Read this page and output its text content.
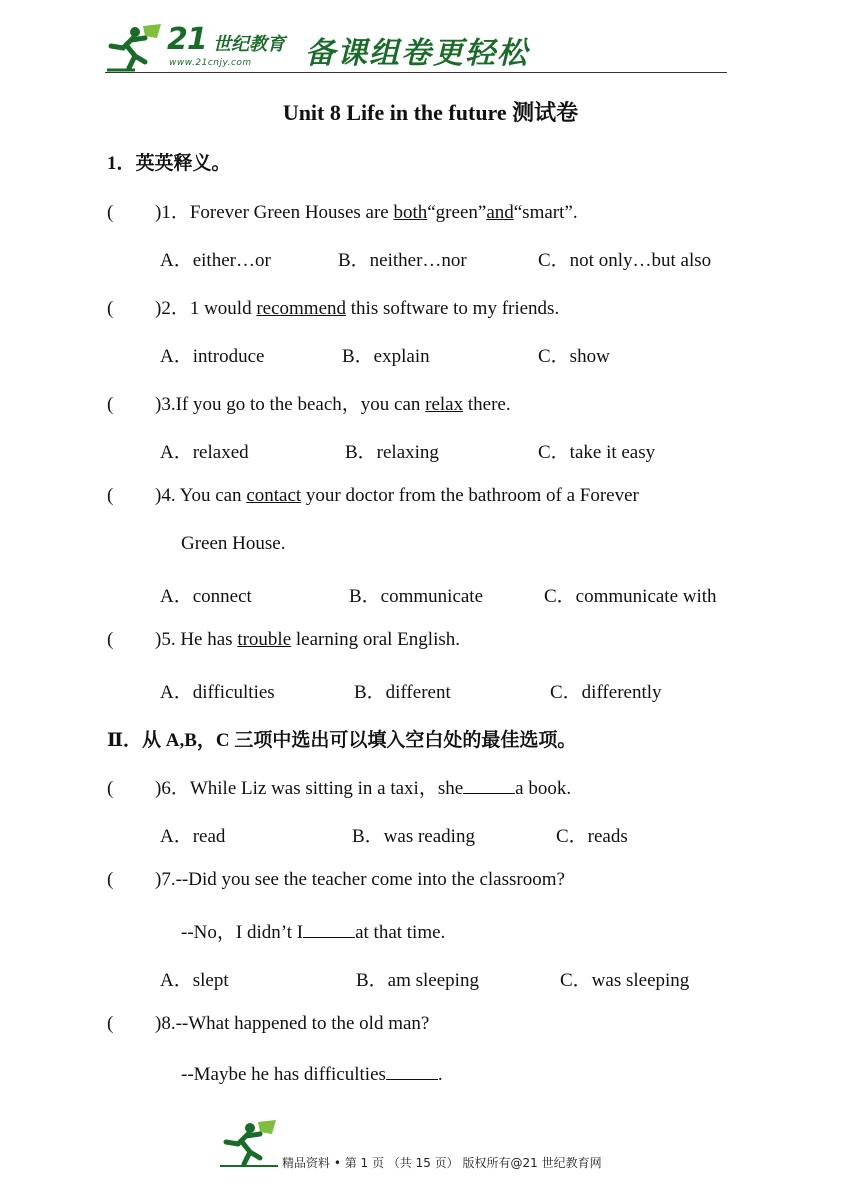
21 世纪教育
www.21cnjy.com 备课组卷更轻松
Unit 8 Life in the future 测试卷
1．英英释义。
( )1．Forever Green Houses are both“green”and“smart”.
A．either…or	B．neither…nor	C．not only…but also
( )2．1 would recommend this software to my friends.
A．introduce	B．explain	C．show
( )3.If you go to the beach，you can relax there.
A．relaxed	B．relaxing	C．take it easy
( )4. You can contact your doctor from the bathroom of a Forever
Green House.
A．connect	B．communicate	C．communicate with
( )5. He has trouble learning oral English.
A．difficulties	B．different	C．differently
Ⅱ．从 A,B，C 三项中选出可以填入空白处的最佳选项。
( )6．While Liz was sitting in a taxi，she	a book.
A．read	B．was reading	C．reads
( )7.--Did you see the teacher come into the classroom?
--No，I didn’t I	at that time.
A．slept	B．am sleeping	C．was sleeping
( )8.--What happened to the old man?
--Maybe he has difficulties	.
精品资料 • 第 1 页 （共 15 页） 版权所有@21 世纪教育网
